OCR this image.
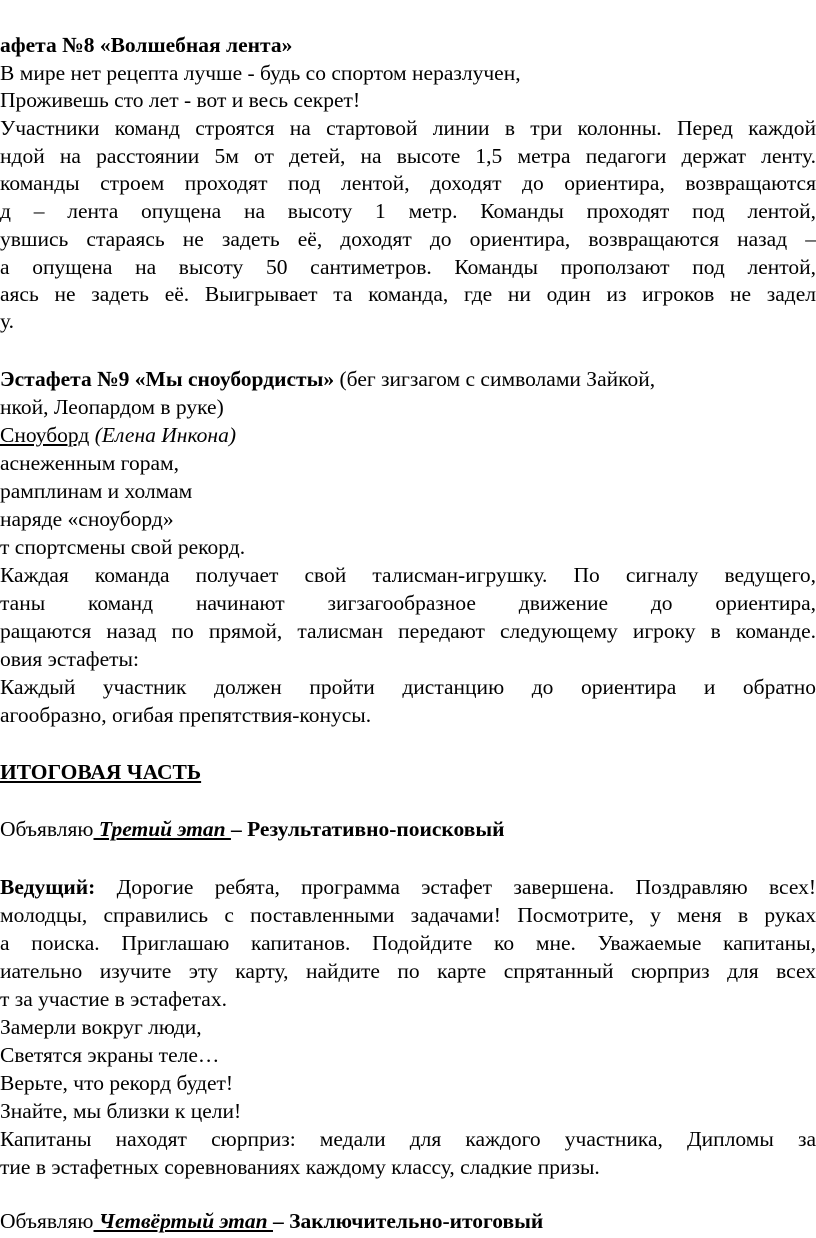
афета №8 «Волшебная лента»
В мире нет рецепта лучше - будь со спортом неразлучен,
Проживешь сто лет - вот и весь секрет!
Участники команд строятся на стартовой линии в три колонны. Перед каждой
ндой на расстоянии 5м от детей, на высоте 1,5 метра педагоги держат ленту.
команды строем проходят под лентой, доходят до ориентира, возвращаются
д – лента опущена на высоту 1 метр. Команды проходят под лентой,
увшись стараясь не задеть её, доходят до ориентира, возвращаются назад –
а опущена на высоту 50 сантиметров. Команды проползают под лентой,
аясь не задеть её. Выигрывает та команда, где ни один из игроков не задел
у.
Эстафета №9 «Мы сноубордисты» (бег зигзагом с символами Зайкой,
нкой, Леопардом в руке)
Сноуборд (Елена Инкона)
аснеженным горам,
рамплинам и холмам
наряде «сноуборд»
т спортсмены свой рекорд.
Каждая команда получает свой талисман-игрушку. По сигналу ведущего,
таны команд начинают зигзагообразное движение до ориентира,
ращаются назад по прямой, талисман передают следующему игроку в команде.
овия эстафеты:
Каждый участник должен пройти дистанцию до ориентира и обратно
агообразно, огибая препятствия-конусы.
ИТОГОВАЯ ЧАСТЬ
Объявляю Третий этап – Результативно-поисковый
Ведущий: Дорогие ребята, программа эстафет завершена. Поздравляю всех!
молодцы, справились с поставленными задачами! Посмотрите, у меня в руках
а поиска. Приглашаю капитанов. Подойдите ко мне. Уважаемые капитаны,
иательно изучите эту карту, найдите по карте спрятанный сюрприз для всех
т за участие в эстафетах.
Замерли вокруг люди,
Светятся экраны теле…
Верьте, что рекорд будет!
Знайте, мы близки к цели!
Капитаны находят сюрприз: медали для каждого участника, Дипломы за
тие в эстафетных соревнованиях каждому классу, сладкие призы.
Объявляю Четвёртый этап – Заключительно-итоговый
